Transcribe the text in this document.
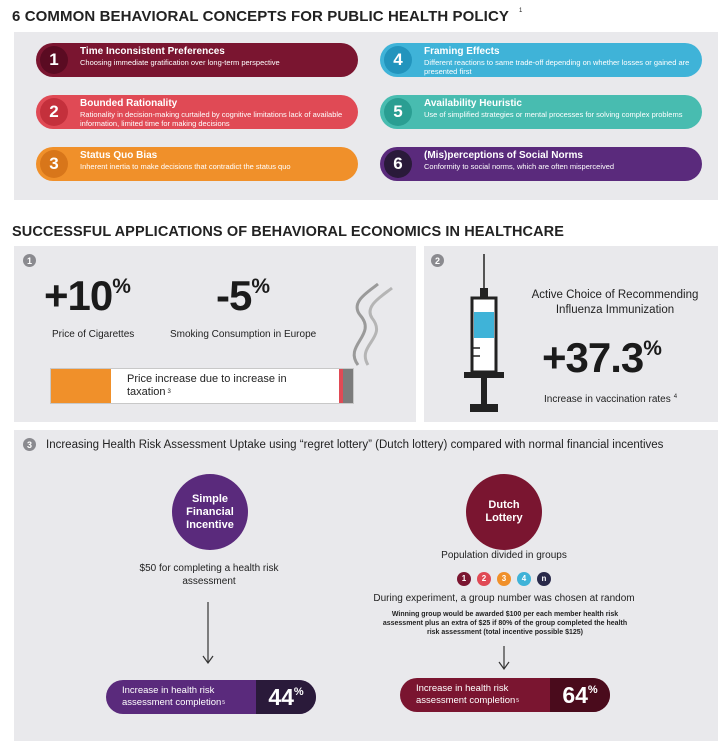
6 COMMON BEHAVIORAL CONCEPTS FOR PUBLIC HEALTH POLICY $^1$
1	Time Inconsistent Preferences
Choosing immediate gratification over long-term perspective
2	Bounded Rationality
Rationality in decision-making curtailed by cognitive limitations lack of available information, limited time for making decisions
3	Status Quo Bias
Inherent inertia to make decisions that contradict the status quo
4	Framing Effects
Different reactions to same trade-off depending on whether losses or gained are presented first
5	Availability Heuristic
Use of simplified strategies or mental processes for solving complex problems
6	(Mis)perceptions of Social Norms
Conformity to social norms, which are often misperceived
SUCCESSFUL APPLICATIONS OF BEHAVIORAL ECONOMICS IN HEALTHCARE
1
+10%
Price of Cigarettes
-5%
Smoking Consumption in Europe
Price increase due to increase in taxation $^3$
2
Active Choice of Recommending Influenza Immunization
+37.3%
Increase in vaccination rates $^4$
3	Increasing Health Risk Assessment Uptake using “regret lottery” (Dutch lottery) compared with normal financial incentives
Simple Financial Incentive
$50 for completing a health risk assessment
Increase in health risk assessment completion$^5$	44 %
Dutch Lottery
Population divided in groups
1 2 3 4 n
During experiment, a group number was chosen at random
Winning group would be awarded $100 per each member health risk assessment plus an extra of $25 if 80% of the group completed the health risk assessment (total incentive possible $125)
Increase in health risk assessment completion$^5$	64 %
